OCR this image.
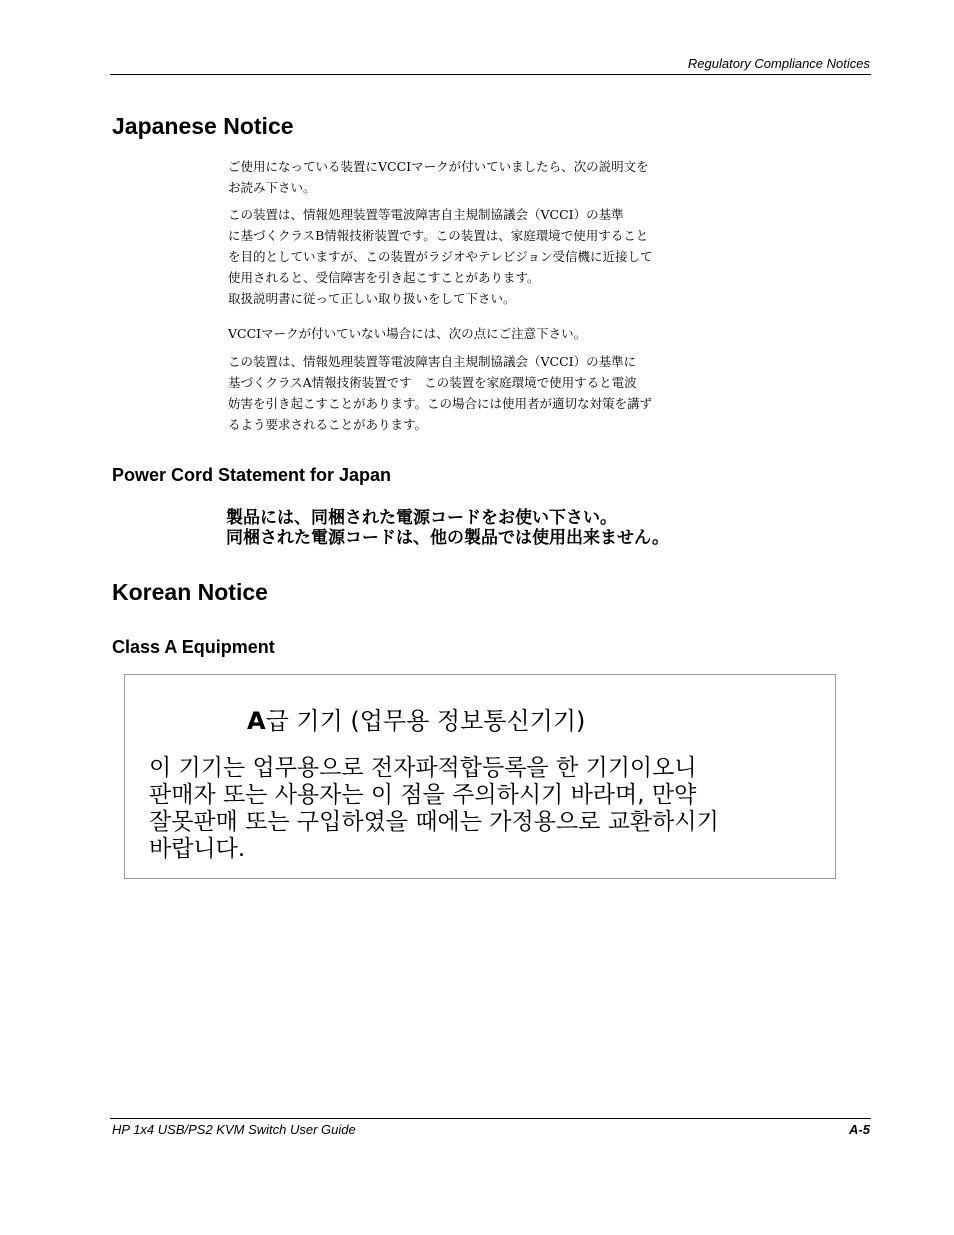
Regulatory Compliance Notices
Japanese Notice

ご使用になっている装置にVCCIマークが付いていましたら、次の説明文を

お読み下さい。

この装置は、情報処理装置等電波障害自主規制協議会（VCCI）の基準

に基づくクラスB情報技術装置です。この装置は、家庭環境で使用すること

を目的としていますが、この装置がラジオやテレビジョン受信機に近接して

使用されると、受信障害を引き起こすことがあります。

取扱説明書に従って正しい取り扱いをして下さい。

VCCIマークが付いていない場合には、次の点にご注意下さい。

この装置は、情報処理装置等電波障害自主規制協議会（VCCI）の基準に

基づくクラスA情報技術装置です　この装置を家庭環境で使用すると電波

妨害を引き起こすことがあります。この場合には使用者が適切な対策を講ず

るよう要求されることがあります。

Power Cord Statement for Japan
製品には、同梱された電源コードをお使い下さい。
同梱された電源コードは、他の製品では使用出来ません。
Korean Notice
Class A Equipment
A급 기기 (업무용 정보통신기기)

이 기기는 업무용으로 전자파적합등록을 한 기기이오니

판매자 또는 사용자는 이 점을 주의하시기 바라며, 만약

잘못판매 또는 구입하였을 때에는 가정용으로 교환하시기

바랍니다.

HP 1x4 USB/PS2 KVM Switch User Guide	A-5
